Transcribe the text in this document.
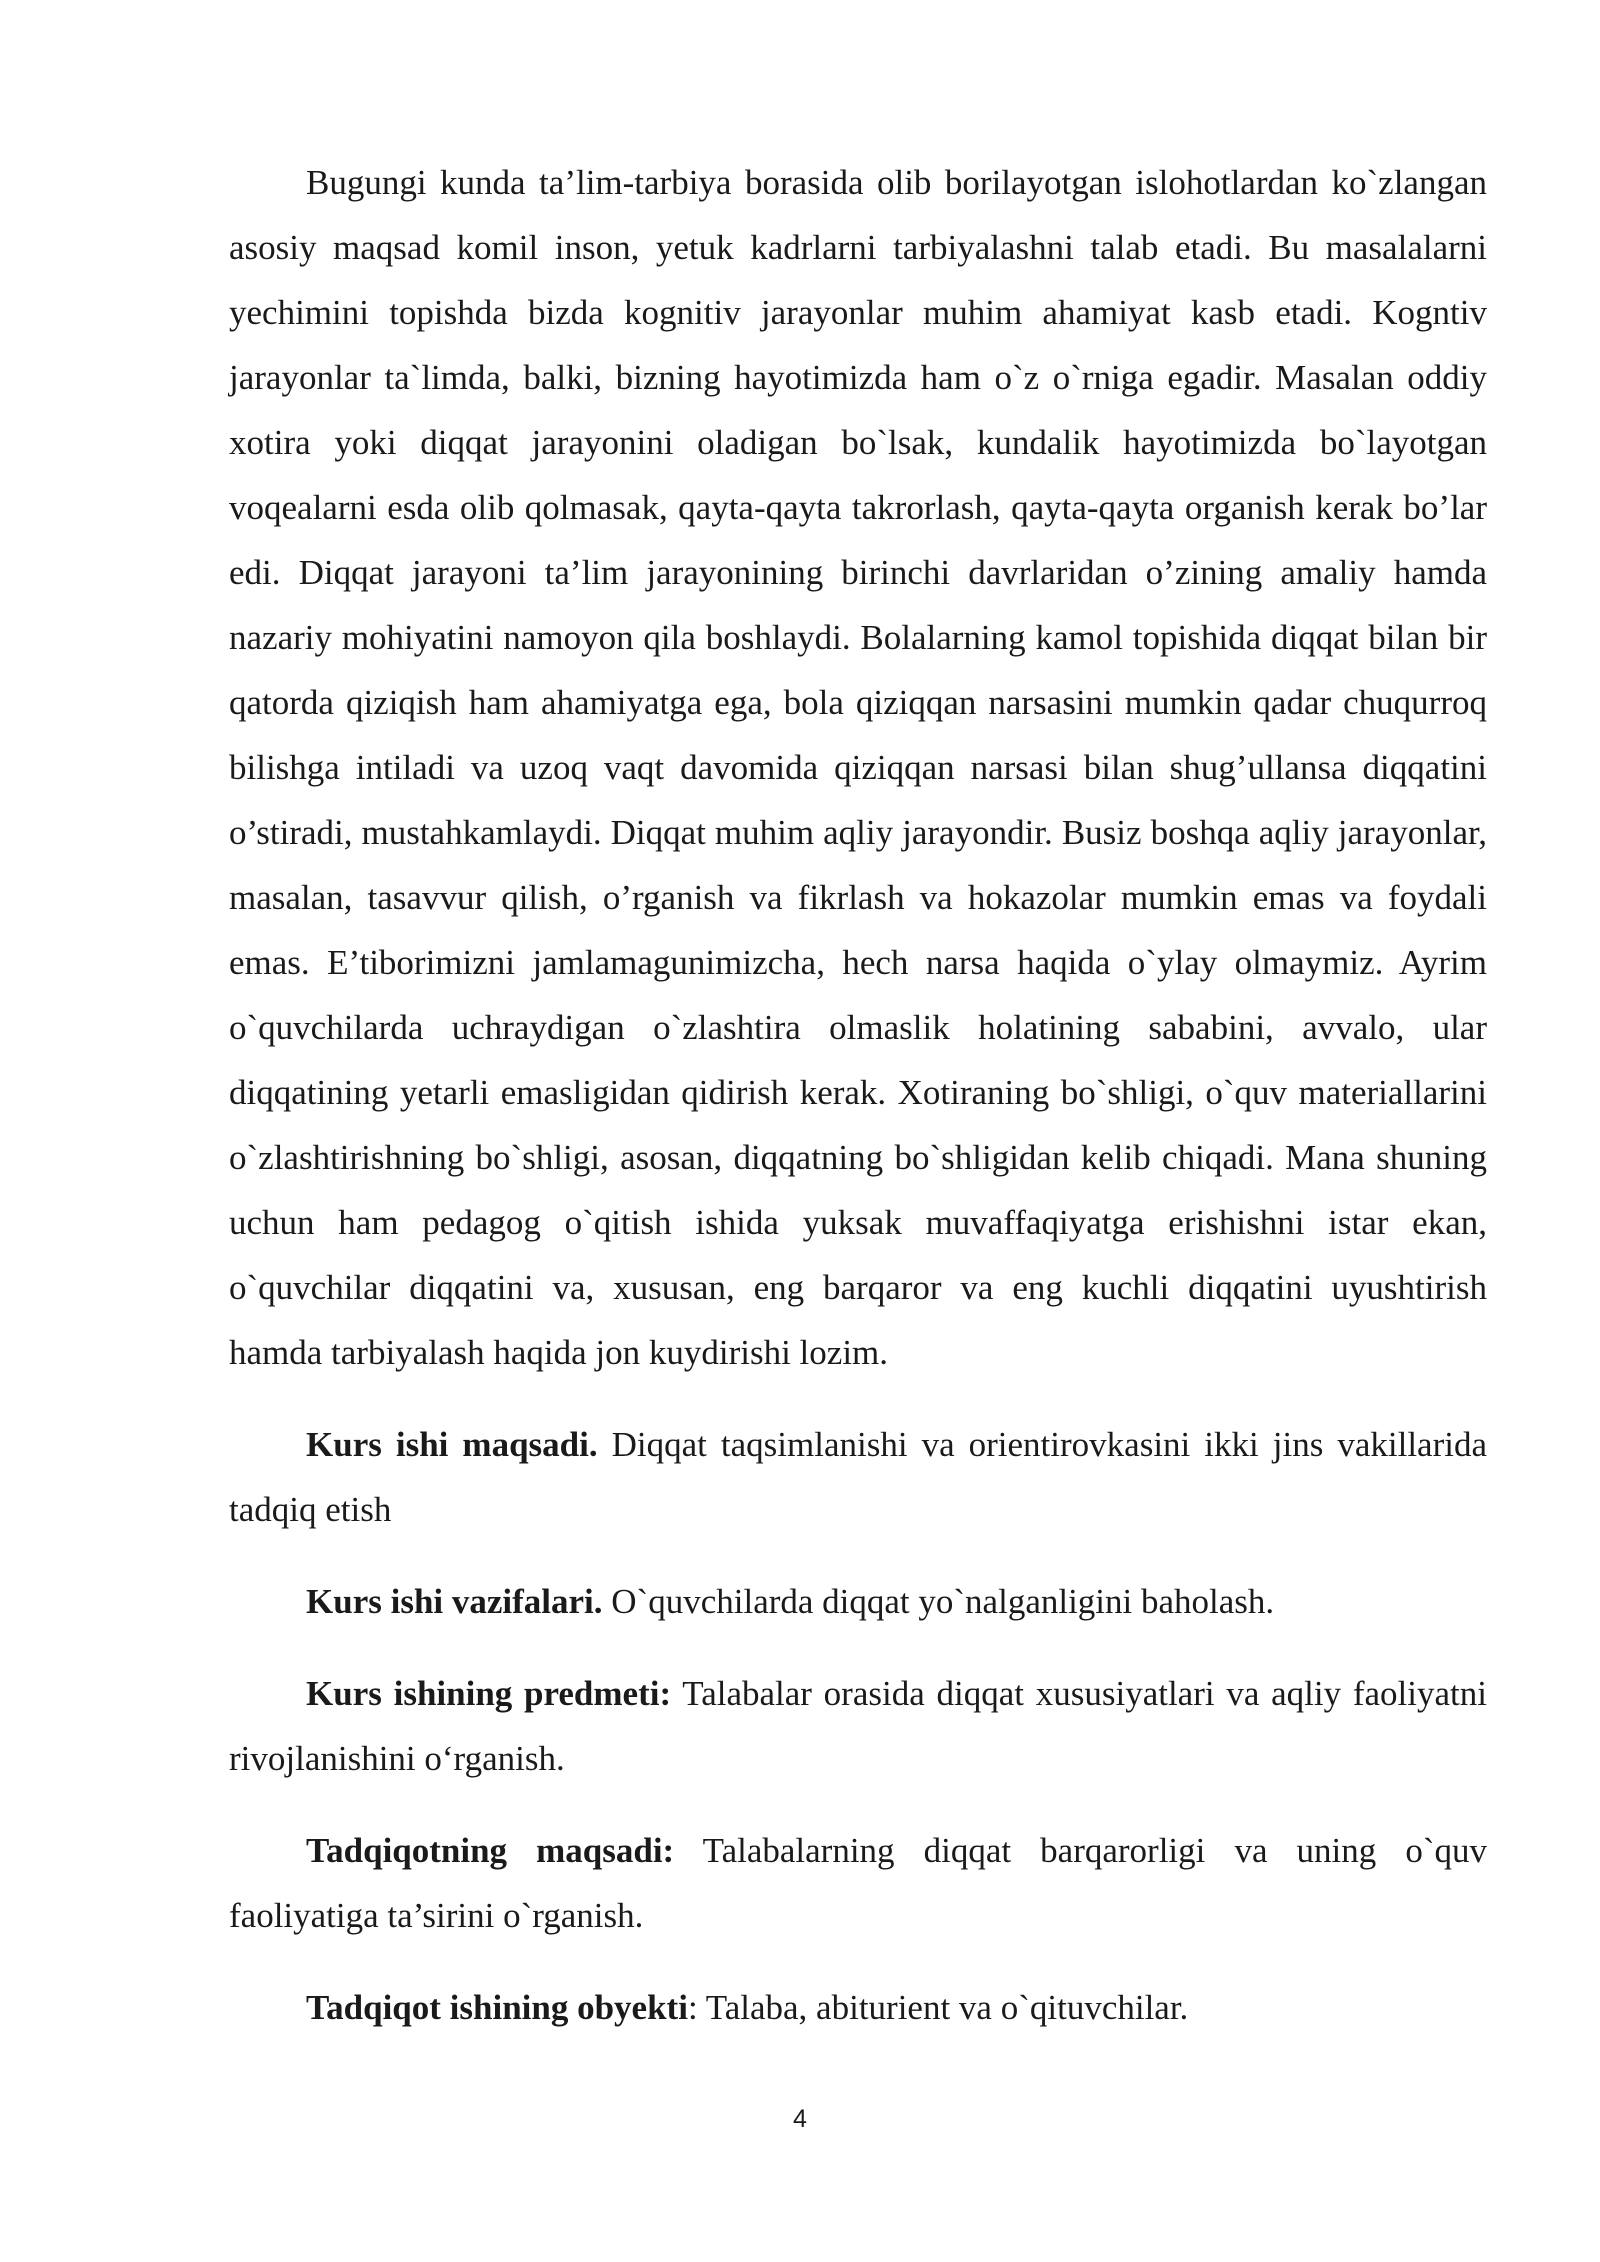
Bugungi kunda ta’lim-tarbiya borasida olib borilayotgan islohotlardan ko`zlangan asosiy maqsad komil inson, yetuk kadrlarni tarbiyalashni talab etadi. Bu masalalarni yechimini topishda bizda kognitiv jarayonlar muhim ahamiyat kasb etadi. Kogntiv jarayonlar ta`limda, balki, bizning hayotimizda ham o`z o`rniga egadir. Masalan oddiy xotira yoki diqqat jarayonini oladigan bo`lsak, kundalik hayotimizda bo`layotgan voqealarni esda olib qolmasak, qayta-qayta takrorlash, qayta-qayta organish kerak bo’lar edi. Diqqat jarayoni ta’lim jarayonining birinchi davrlaridan o’zining amaliy hamda nazariy mohiyatini namoyon qila boshlaydi. Bolalarning kamol topishida diqqat bilan bir qatorda qiziqish ham ahamiyatga ega, bola qiziqqan narsasini mumkin qadar chuqurroq bilishga intiladi va uzoq vaqt davomida qiziqqan narsasi bilan shug’ullansa diqqatini o’stiradi, mustahkamlaydi. Diqqat muhim aqliy jarayondir. Busiz boshqa aqliy jarayonlar, masalan, tasavvur qilish, o’rganish va fikrlash va hokazolar mumkin emas va foydali emas. E’tiborimizni jamlamagunimizcha, hech narsa haqida o`ylay olmaymiz. Ayrim o`quvchilarda uchraydigan o`zlashtira olmaslik holatining sababini, avvalo, ular diqqatining yetarli emasligidan qidirish kerak. Xotiraning bo`shligi, o`quv materiallarini o`zlashtirishning bo`shligi, asosan, diqqatning bo`shligidan kelib chiqadi. Mana shuning uchun ham pedagog o`qitish ishida yuksak muvaffaqiyatga erishishni istar ekan, o`quvchilar diqqatini va, xususan, eng barqaror va eng kuchli diqqatini uyushtirish hamda tarbiyalash haqida jon kuydirishi lozim.

Kurs ishi maqsadi. Diqqat taqsimlanishi va orientirovkasini ikki jins vakillarida tadqiq etish

Kurs ishi vazifalari. O`quvchilarda diqqat yo`nalganligini baholash.

Kurs ishining predmeti: Talabalar orasida diqqat xususiyatlari va aqliy faoliyatni rivojlanishini o‘rganish.

Tadqiqotning maqsadi: Talabalarning diqqat barqarorligi va uning o`quv faoliyatiga ta’sirini o`rganish.

Tadqiqot ishining obyekti: Talaba, abiturient va o`qituvchilar.

4
